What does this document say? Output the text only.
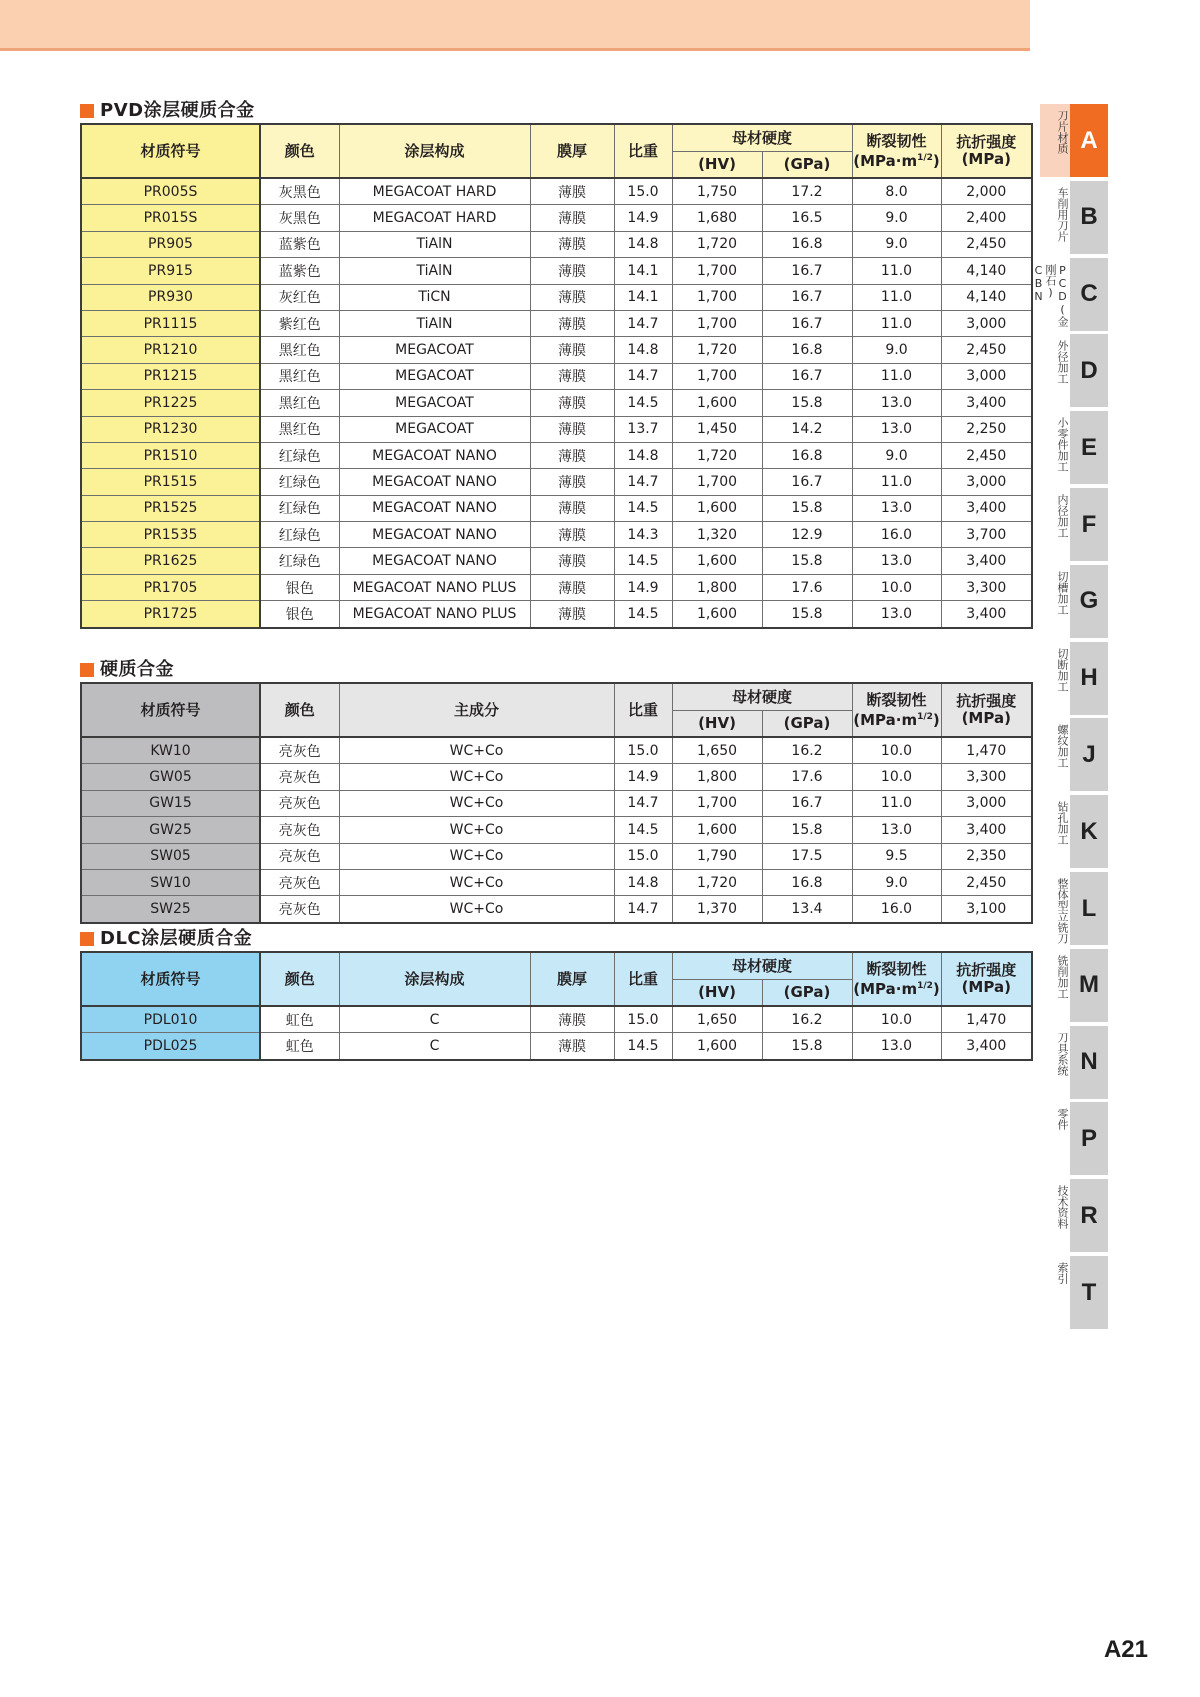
PVD涂层硬质合金
材质符号	颜色	涂层构成	膜厚	比重	母材硬度		断裂韧性
$(MPa\cdot m^{1/2})$	抗折强度
(MPa)
					(HV)	(GPa)		
PR005S	灰黑色	MEGACOAT HARD	薄膜	15.0	1,750	17.2	8.0	2,000
PR015S	灰黑色	MEGACOAT HARD	薄膜	14.9	1,680	16.5	9.0	2,400
PR905	蓝紫色	TiAlN	薄膜	14.8	1,720	16.8	9.0	2,450
PR915	蓝紫色	TiAlN	薄膜	14.1	1,700	16.7	11.0	4,140
PR930	灰红色	TiCN	薄膜	14.1	1,700	16.7	11.0	4,140
PR1115	紫红色	TiAlN	薄膜	14.7	1,700	16.7	11.0	3,000
PR1210	黑红色	MEGACOAT	薄膜	14.8	1,720	16.8	9.0	2,450
PR1215	黑红色	MEGACOAT	薄膜	14.7	1,700	16.7	11.0	3,000
PR1225	黑红色	MEGACOAT	薄膜	14.5	1,600	15.8	13.0	3,400
PR1230	黑红色	MEGACOAT	薄膜	13.7	1,450	14.2	13.0	2,250
PR1510	红绿色	MEGACOAT NANO	薄膜	14.8	1,720	16.8	9.0	2,450
PR1515	红绿色	MEGACOAT NANO	薄膜	14.7	1,700	16.7	11.0	3,000
PR1525	红绿色	MEGACOAT NANO	薄膜	14.5	1,600	15.8	13.0	3,400
PR1535	红绿色	MEGACOAT NANO	薄膜	14.3	1,320	12.9	16.0	3,700
PR1625	红绿色	MEGACOAT NANO	薄膜	14.5	1,600	15.8	13.0	3,400
PR1705	银色	MEGACOAT NANO PLUS	薄膜	14.9	1,800	17.6	10.0	3,300
PR1725	银色	MEGACOAT NANO PLUS	薄膜	14.5	1,600	15.8	13.0	3,400
硬质合金
材质符号	颜色	主成分	比重	母材硬度		断裂韧性
$(MPa\cdot m^{1/2})$	抗折强度
(MPa)
				(HV)	(GPa)		
KW10	亮灰色	WC+Co	15.0	1,650	16.2	10.0	1,470
GW05	亮灰色	WC+Co	14.9	1,800	17.6	10.0	3,300
GW15	亮灰色	WC+Co	14.7	1,700	16.7	11.0	3,000
GW25	亮灰色	WC+Co	14.5	1,600	15.8	13.0	3,400
SW05	亮灰色	WC+Co	15.0	1,790	17.5	9.5	2,350
SW10	亮灰色	WC+Co	14.8	1,720	16.8	9.0	2,450
SW25	亮灰色	WC+Co	14.7	1,370	13.4	16.0	3,100
DLC涂层硬质合金
材质符号	颜色	涂层构成	膜厚	比重	母材硬度		断裂韧性
$(MPa\cdot m^{1/2})$	抗折强度
(MPa)
					(HV)	(GPa)		
PDL010	虹色	C	薄膜	15.0	1,650	16.2	10.0	1,470
PDL025	虹色	C	薄膜	14.5	1,600	15.8	13.0	3,400
刀片材质 A
车削用刀片 B
PCD(金刚石) CBN	C
外径加工 D
小零件加工 E
内径加工 F
切槽加工 G
切断加工 H
螺纹加工 J
钻孔加工 K
整体型立铣刀 L
铣削加工 M
刀具系统 N
零件
P
技术资料 R
索引
T
A21
